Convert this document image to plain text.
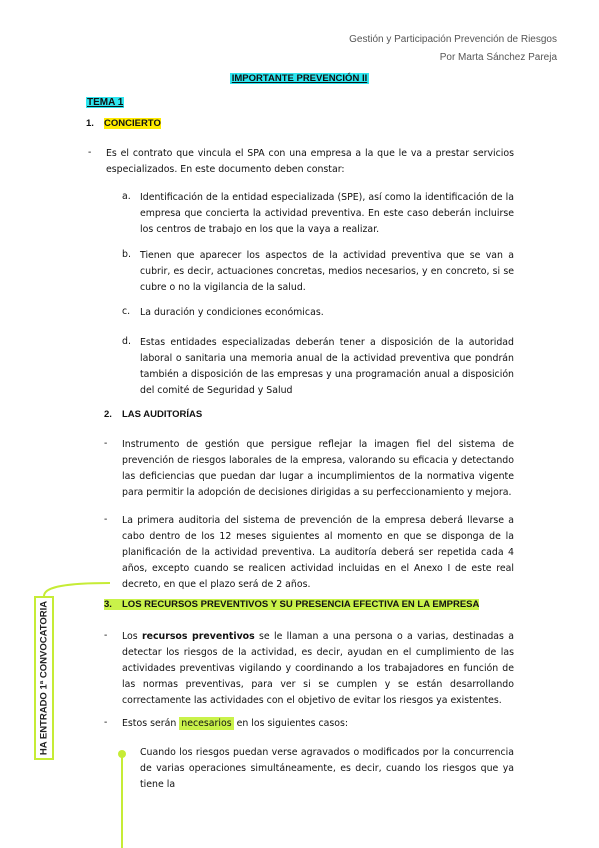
Gestión y Participación Prevención de Riesgos
Por Marta Sánchez Pareja
IMPORTANTE PREVENCIÓN II
TEMA 1
1. CONCIERTO
- Es el contrato que vincula el SPA con una empresa a la que le va a prestar servicios especializados. En este documento deben constar:
a. Identificación de la entidad especializada (SPE), así como la identificación de la empresa que concierta la actividad preventiva. En este caso deberán incluirse los centros de trabajo en los que la vaya a realizar.
b. Tienen que aparecer los aspectos de la actividad preventiva que se van a cubrir, es decir, actuaciones concretas, medios necesarios, y en concreto, si se cubre o no la vigilancia de la salud.
c. La duración y condiciones económicas.
d. Estas entidades especializadas deberán tener a disposición de la autoridad laboral o sanitaria una memoria anual de la actividad preventiva que pondrán también a disposición de las empresas y una programación anual a disposición del comité de Seguridad y Salud
2. LAS AUDITORÍAS
- Instrumento de gestión que persigue reflejar la imagen fiel del sistema de prevención de riesgos laborales de la empresa, valorando su eficacia y detectando las deficiencias que puedan dar lugar a incumplimientos de la normativa vigente para permitir la adopción de decisiones dirigidas a su perfeccionamiento y mejora.
- La primera auditoria del sistema de prevención de la empresa deberá llevarse a cabo dentro de los 12 meses siguientes al momento en que se disponga de la planificación de la actividad preventiva. La auditoría deberá ser repetida cada 4 años, excepto cuando se realicen actividad incluidas en el Anexo I de este real decreto, en que el plazo será de 2 años.
3. LOS RECURSOS PREVENTIVOS Y SU PRESENCIA EFECTIVA EN LA EMPRESA
- Los recursos preventivos se le llaman a una persona o a varias, destinadas a detectar los riesgos de la actividad, es decir, ayudan en el cumplimiento de las actividades preventivas vigilando y coordinando a los trabajadores en función de las normas preventivas, para ver si se cumplen y se están desarrollando correctamente las actividades con el objetivo de evitar los riesgos ya existentes.
- Estos serán necesarios en los siguientes casos:
Cuando los riesgos puedan verse agravados o modificados por la concurrencia de varias operaciones simultáneamente, es decir, cuando los riesgos que ya tiene la
HA ENTRADO 1ª CONVOCATORIA
